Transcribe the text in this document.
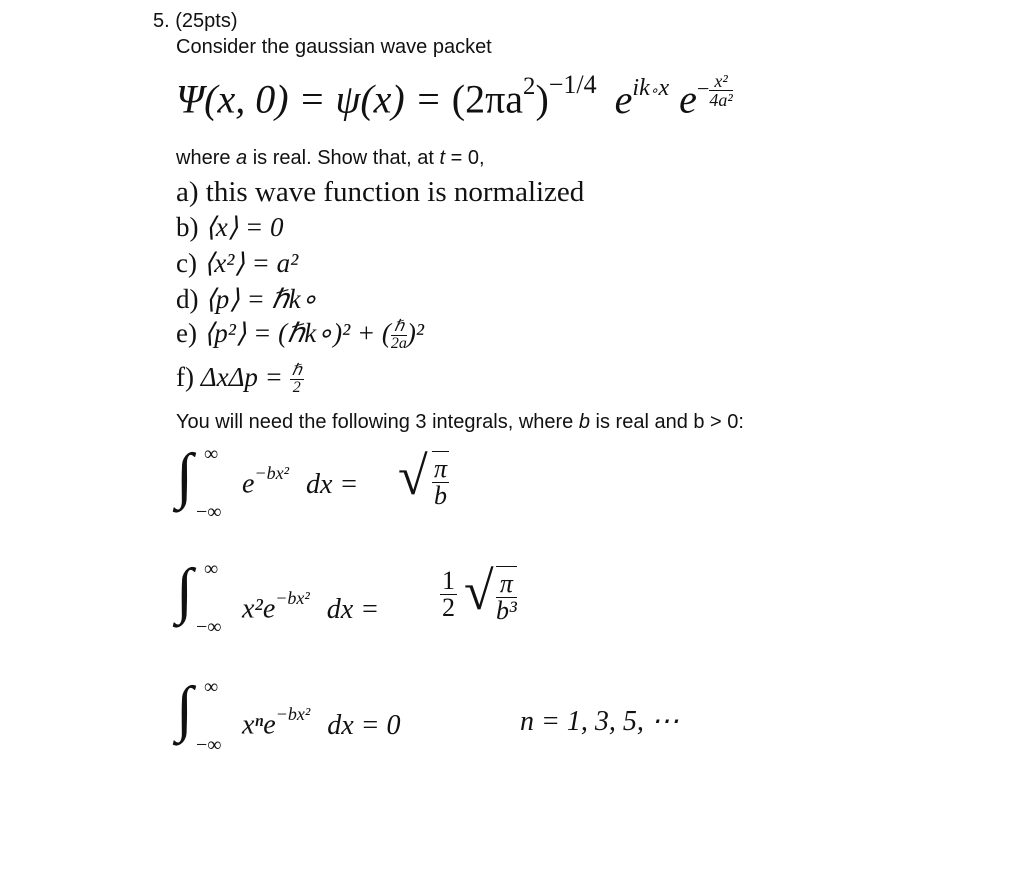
5. (25pts)
Consider the gaussian wave packet
Ψ(x, $0) = \psi(x) = (2\pi a^2)^{-1/4}$ $e^{ik\circ x}$ $e^{- \frac{\text{x²}}{\text{4a²}}}$
where a is real. Show that, at t = 0,
a) this wave function is normalized
b) ⟨x⟩ = 0
c) ⟨x²⟩ = a²
d) ⟨p⟩ = ℏk∘
e) ⟨p²⟩ = (ℏk∘)² + ( $\frac{\text{ℏ}}{2a} )^2$
f) $\Delta x\Delta p = \frac{\text{ℏ}}{2}$
You will need the following 3 integrals, where b is real and b > 0:
∫ ∞
−∞
$e^{-bx^2}$ dx = √ $\frac{\pi}{b}$
∫ ∞
−∞
$x^2e^{-bx^2}$ dx = $\frac{1}{2}$ √ $\frac{\pi}{\text{b³}}$
∫ ∞
−∞
xⁿe$^{-bx^2}$ dx = 0	n = 1, 3, 5, ⋯
